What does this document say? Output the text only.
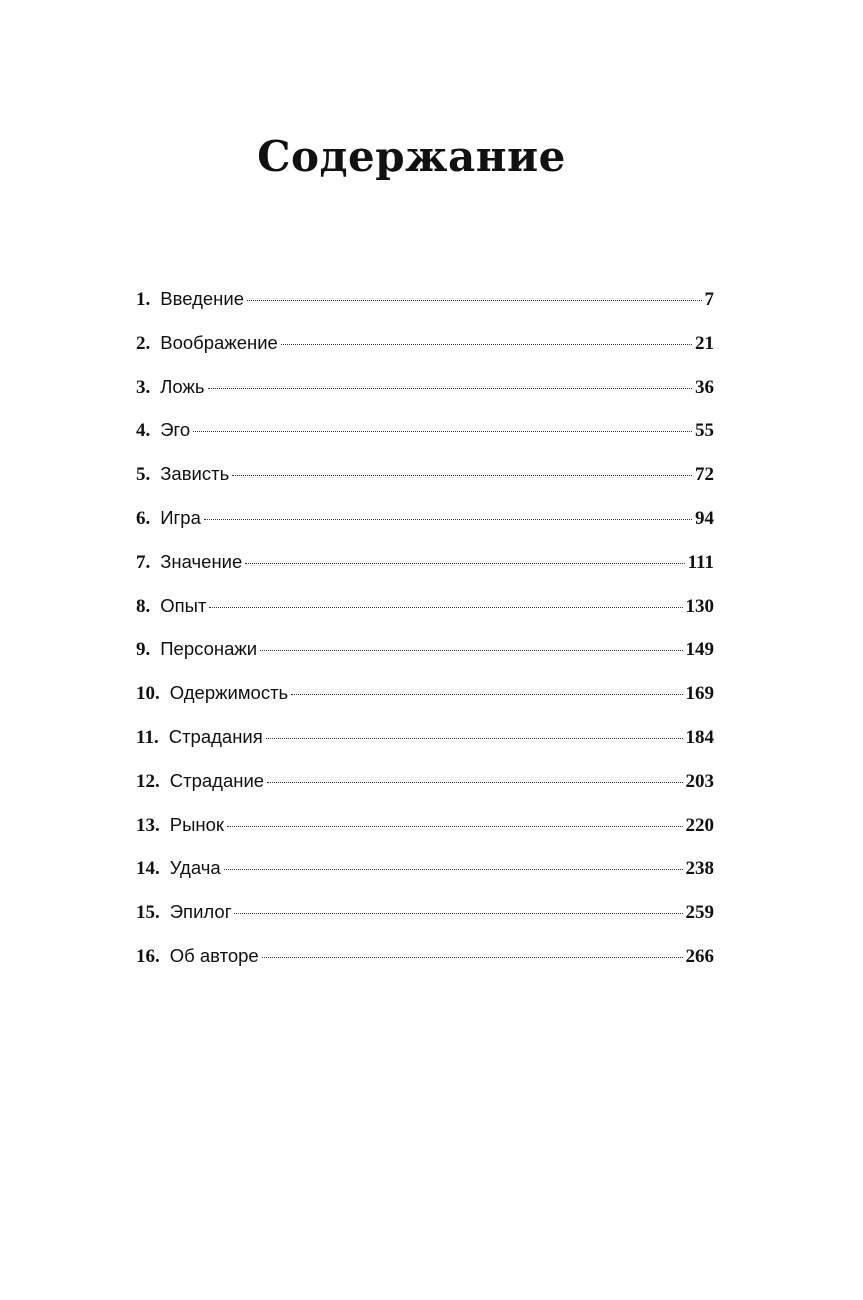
Содержание
1. Введение	7
2. Воображение	21
3. Ложь	36
4. Эго	55
5. Зависть	72
6. Игра	94
7. Значение	111
8. Опыт	130
9. Персонажи	149
10. Одержимость	169
11. Страдания	184
12. Страдание	203
13. Рынок	220
14. Удача	238
15. Эпилог	259
16. Об авторе	266
